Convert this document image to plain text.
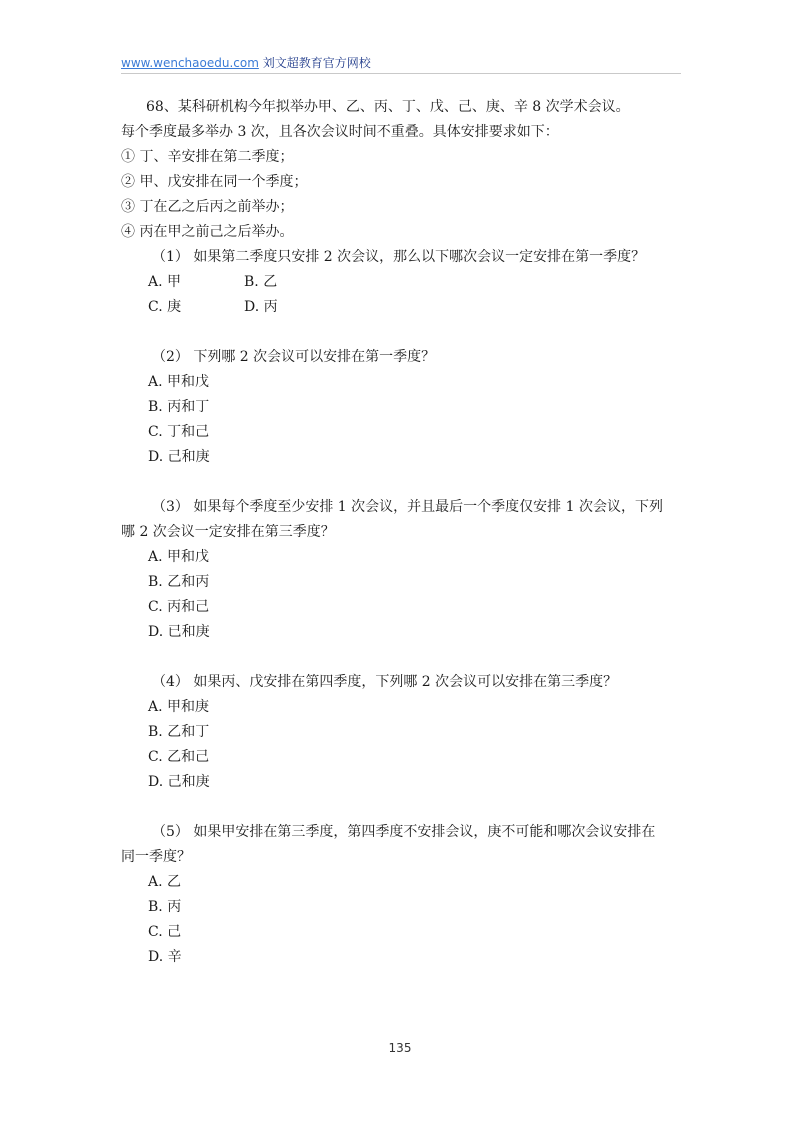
www.wenchaoedu.com 刘文超教育官方网校
68、某科研机构今年拟举办甲、乙、丙、丁、戊、己、庚、辛 8 次学术会议。
每个季度最多举办 3 次，且各次会议时间不重叠。具体安排要求如下：
① 丁、辛安排在第二季度；
② 甲、戊安排在同一个季度；
③ 丁在乙之后丙之前举办；
④ 丙在甲之前己之后举办。
（1） 如果第二季度只安排 2 次会议，那么以下哪次会议一定安排在第一季度？
A. 甲	B. 乙
C. 庚	D. 丙
（2） 下列哪 2 次会议可以安排在第一季度？
A. 甲和戊
B. 丙和丁
C. 丁和己
D. 己和庚
（3） 如果每个季度至少安排 1 次会议，并且最后一个季度仅安排 1 次会议，下列
哪 2 次会议一定安排在第三季度？
A. 甲和戊
B. 乙和丙
C. 丙和己
D. 已和庚
（4） 如果丙、戊安排在第四季度，下列哪 2 次会议可以安排在第三季度？
A. 甲和庚
B. 乙和丁
C. 乙和己
D. 己和庚
（5） 如果甲安排在第三季度，第四季度不安排会议，庚不可能和哪次会议安排在
同一季度？
A. 乙
B. 丙
C. 己
D. 辛
135
